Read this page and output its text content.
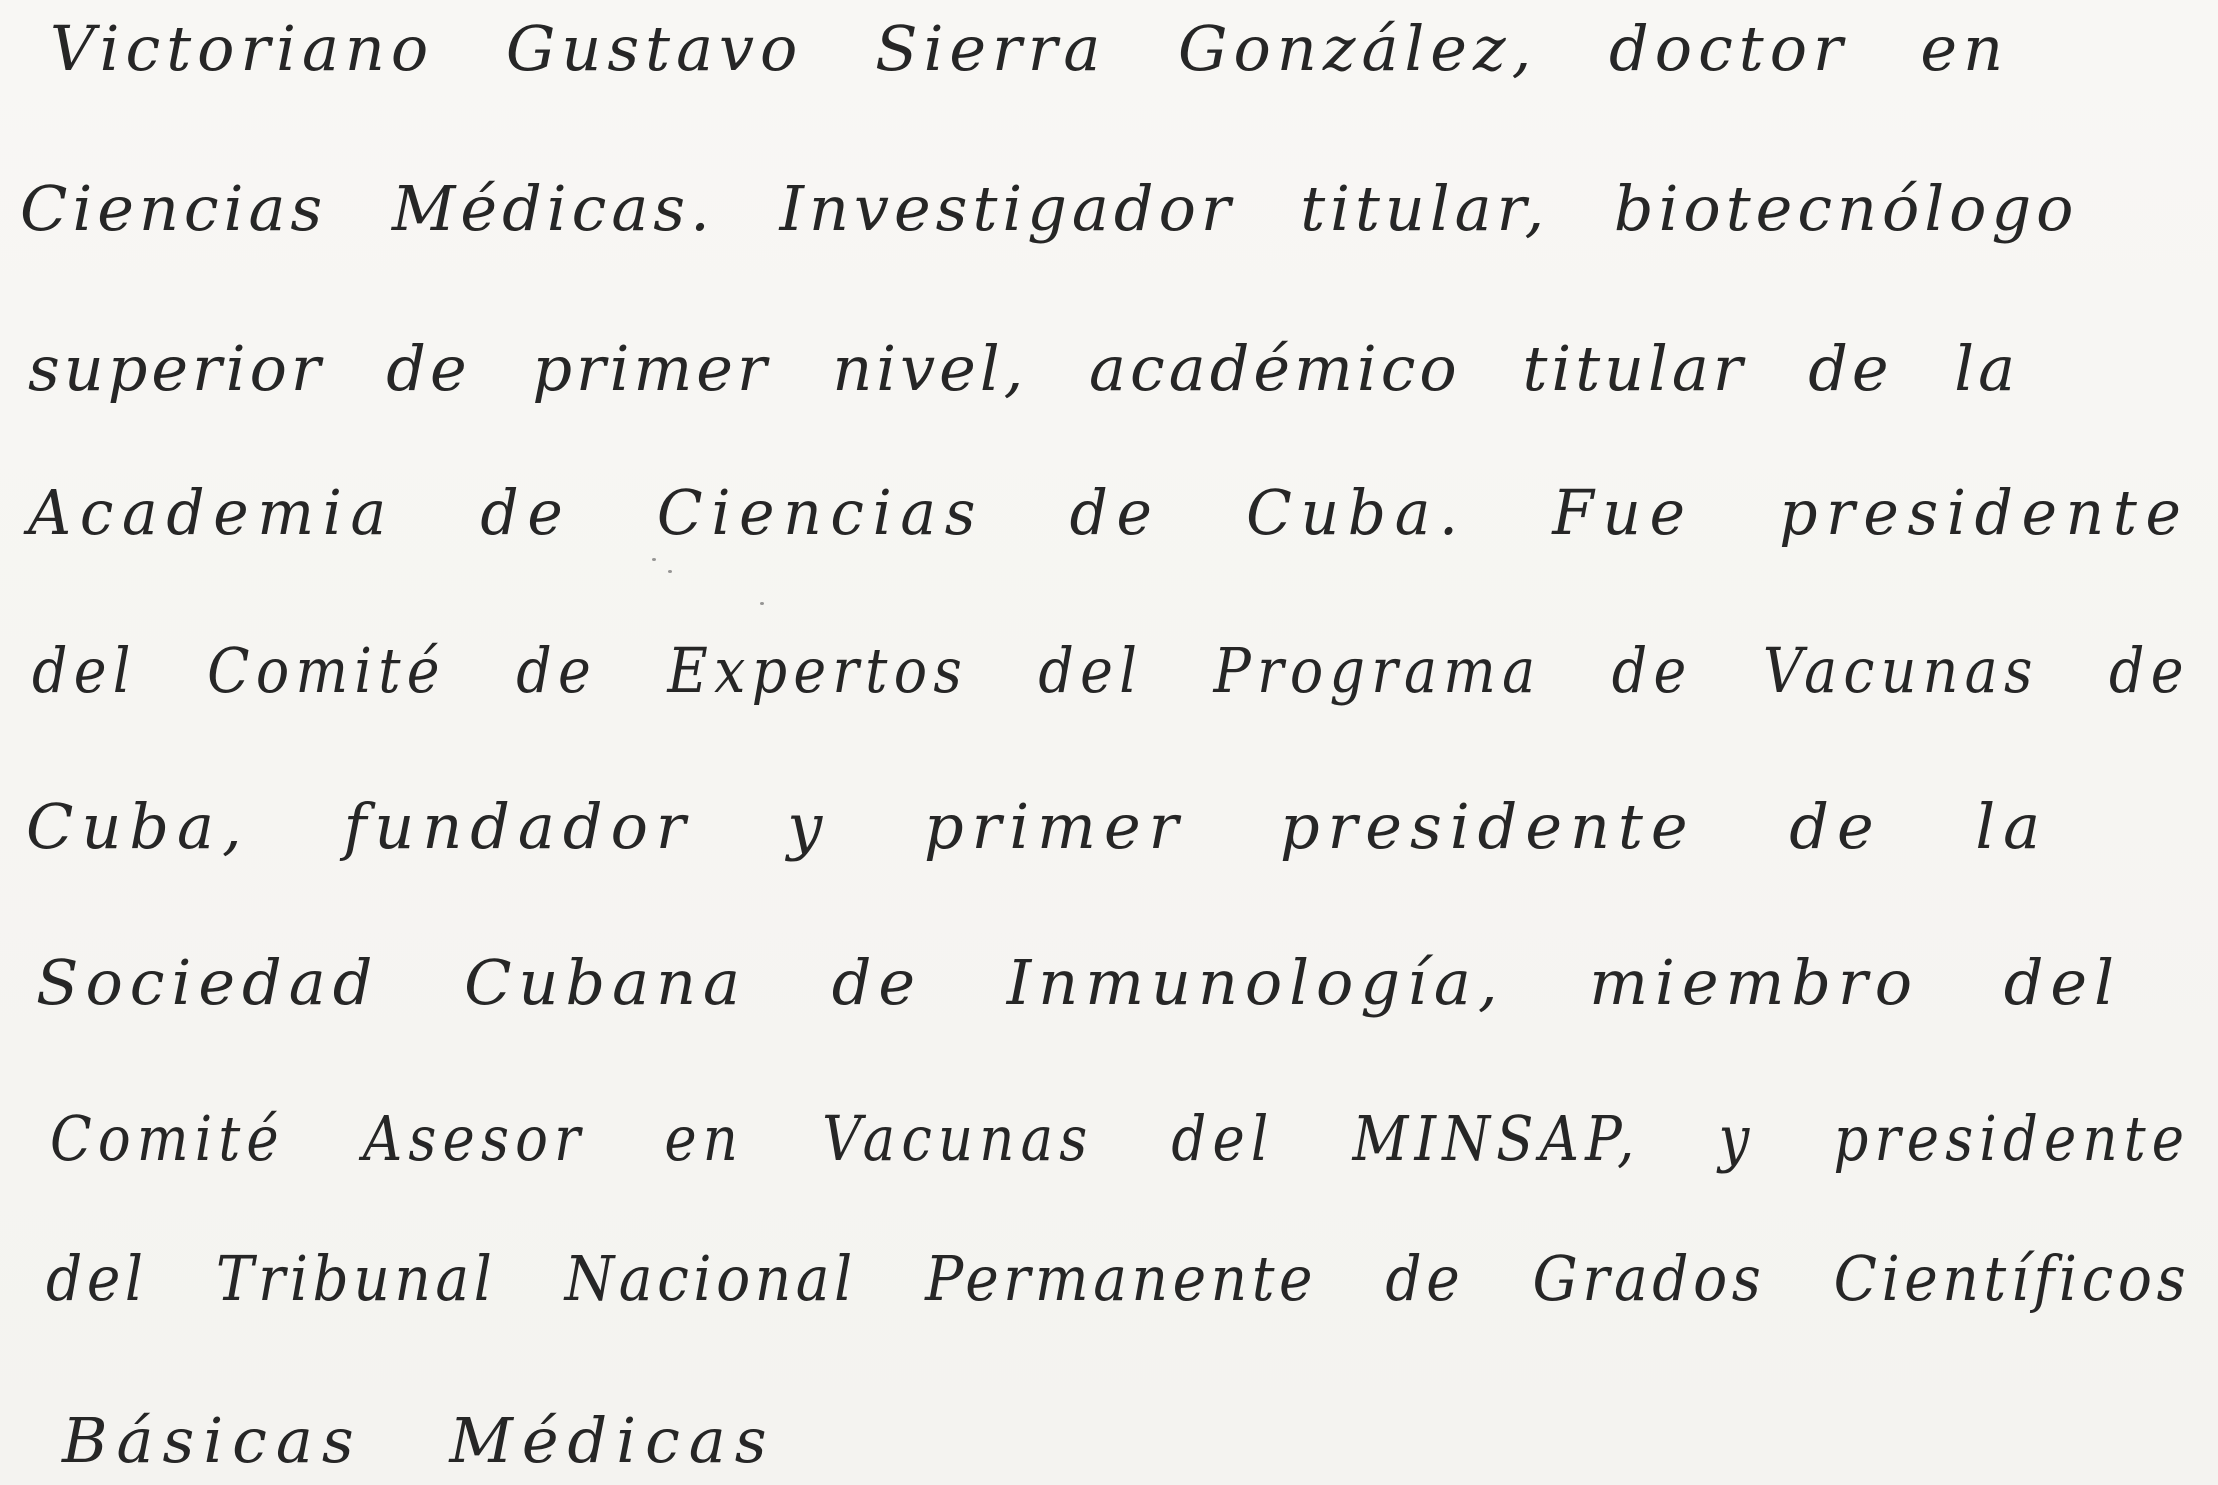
Victoriano Gustavo Sierra González, doctor en
Ciencias Médicas. Investigador titular, biotecnólogo
superior de primer nivel, académico titular de la
Academia de Ciencias de Cuba. Fue presidente
del Comité de Expertos del Programa de Vacunas de
Cuba, fundador y primer presidente de la
Sociedad Cubana de Inmunología, miembro del
Comité Asesor en Vacunas del MINSAP, y presidente
del Tribunal Nacional Permanente de Grados Científicos
Básicas Médicas
